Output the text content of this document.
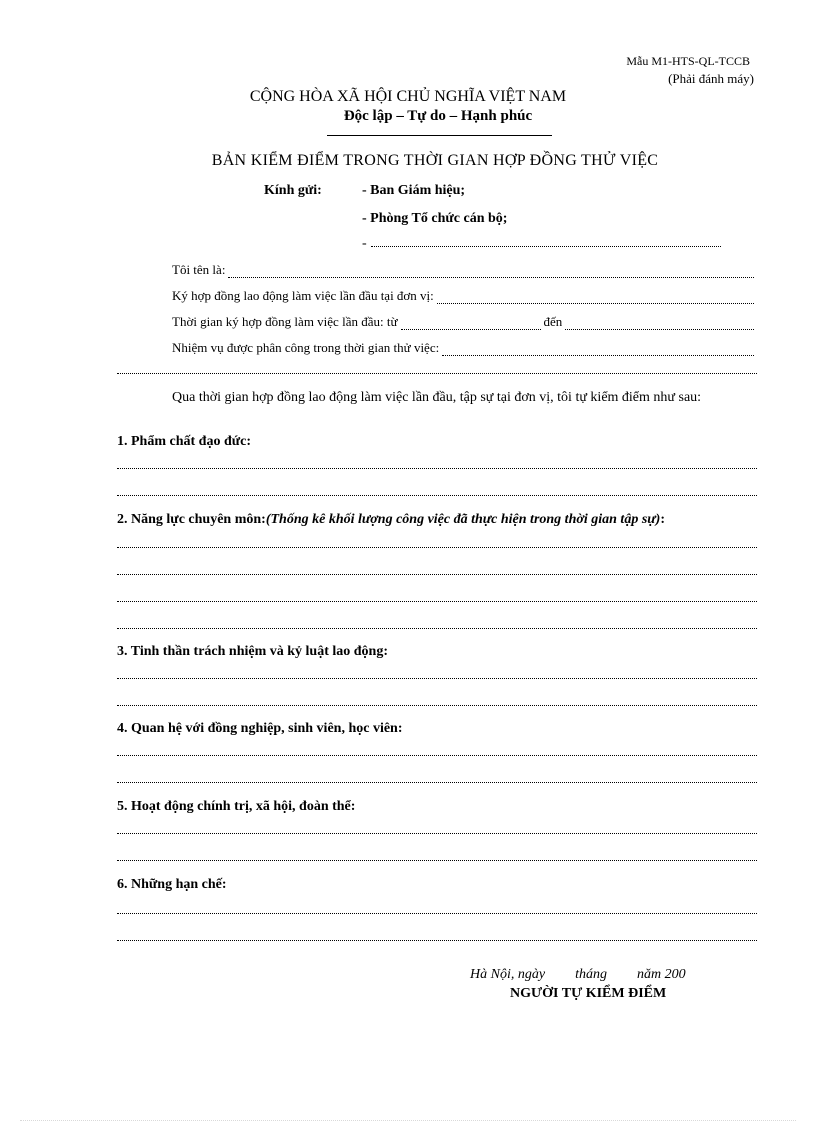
Mẫu M1-HTS-QL-TCCB
(Phải đánh máy)
CỘNG HÒA XÃ HỘI CHỦ NGHĨA VIỆT NAM
Độc lập – Tự do – Hạnh phúc
BẢN KIỂM ĐIỂM TRONG THỜI GIAN HỢP ĐỒNG THỬ VIỆC
Kính gửi:	- Ban Giám hiệu;
- Phòng Tổ chức cán bộ;
-
Tôi tên là:
Ký hợp đồng lao động làm việc lần đầu tại đơn vị:
Thời gian ký hợp đồng làm việc lần đầu: từ	đến
Nhiệm vụ được phân công trong thời gian thử việc:
Qua thời gian hợp đồng lao động làm việc lần đầu, tập sự tại đơn vị, tôi tự kiểm điểm như sau:
1. Phẩm chất đạo đức:
2. Năng lực chuyên môn:(Thống kê khối lượng công việc đã thực hiện trong thời gian tập sự):
3. Tinh thần trách nhiệm và kỷ luật lao động:
4. Quan hệ với đồng nghiệp, sinh viên, học viên:
5. Hoạt động chính trị, xã hội, đoàn thể:
6. Những hạn chế:
Hà Nội, ngày tháng năm 200
NGƯỜI TỰ KIỂM ĐIỂM
